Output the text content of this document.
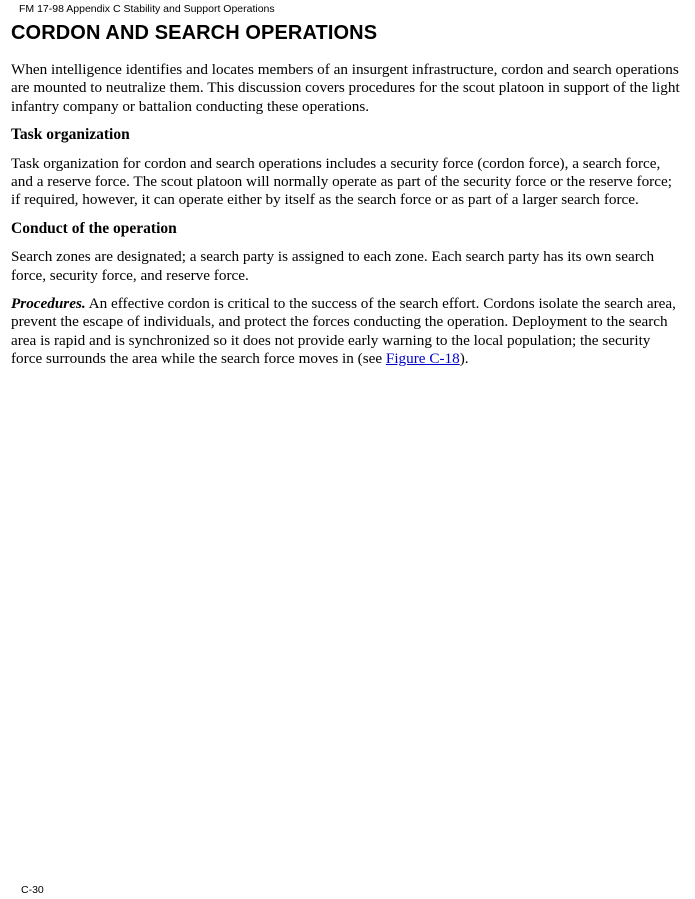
FM 17-98 Appendix C Stability and Support Operations
CORDON AND SEARCH OPERATIONS

When intelligence identifies and locates members of an insurgent infrastructure, cordon and search operations are mounted to neutralize them. This discussion covers procedures for the scout platoon in support of the light infantry company or battalion conducting these operations.

Task organization

Task organization for cordon and search operations includes a security force (cordon force), a search force, and a reserve force. The scout platoon will normally operate as part of the security force or the reserve force; if required, however, it can operate either by itself as the search force or as part of a larger search force.

Conduct of the operation

Search zones are designated; a search party is assigned to each zone. Each search party has its own search force, security force, and reserve force.

Procedures. An effective cordon is critical to the success of the search effort. Cordons isolate the search area, prevent the escape of individuals, and protect the forces conducting the operation. Deployment to the search area is rapid and is synchronized so it does not provide early warning to the local population; the security force surrounds the area while the search force moves in (see Figure C-18).

C-30
